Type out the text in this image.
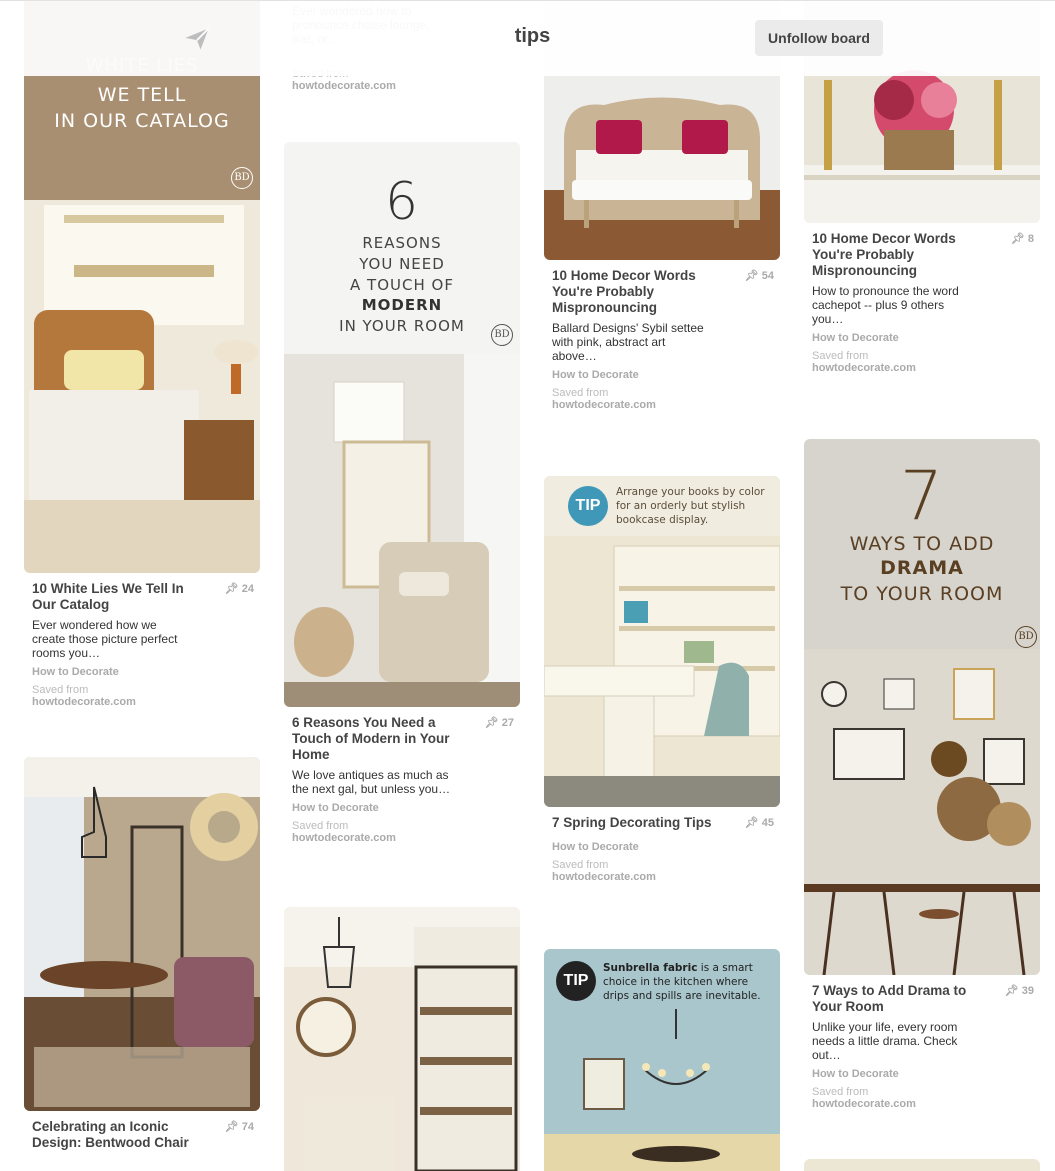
WE TELL
IN OUR CATALOG
BD
10 White Lies We Tell In Our Catalog
📌︎ 24
Ever wondered how we create those picture perfect rooms you…
How to Decorate
Saved from
howtodecorate.com
Celebrating an Iconic Design: Bentwood Chair
📌︎ 74
howtodecorate.com
6
REASONS
YOU NEED
A TOUCH OF
MODERN
IN YOUR ROOM	BD
6 Reasons You Need a Touch of Modern in Your Home
📌︎ 27
We love antiques as much as the next gal, but unless you…
How to Decorate
Saved from
howtodecorate.com
10 Home Decor Words You're Probably Mispronouncing
📌︎ 54
Ballard Designs' Sybil settee with pink, abstract art above…
How to Decorate
Saved from
howtodecorate.com
TIP
Arrange your books by color for an orderly but stylish bookcase display.
7 Spring Decorating Tips	📌︎ 45
How to Decorate
Saved from
howtodecorate.com
TIP
Sunbrella fabric is a smart choice in the kitchen where drips and spills are inevitable.
10 Home Decor Words You're Probably Mispronouncing
📌︎ 8
How to pronounce the word cachepot -- plus 9 others you…
How to Decorate
Saved from
howtodecorate.com
7
WAYS TO ADD
DRAMA
TO YOUR ROOM
BD
7 Ways to Add Drama to Your Room
📌︎ 39
Unlike your life, every room needs a little drama. Check out…
How to Decorate
Saved from
howtodecorate.com
tips	Unfollow board
